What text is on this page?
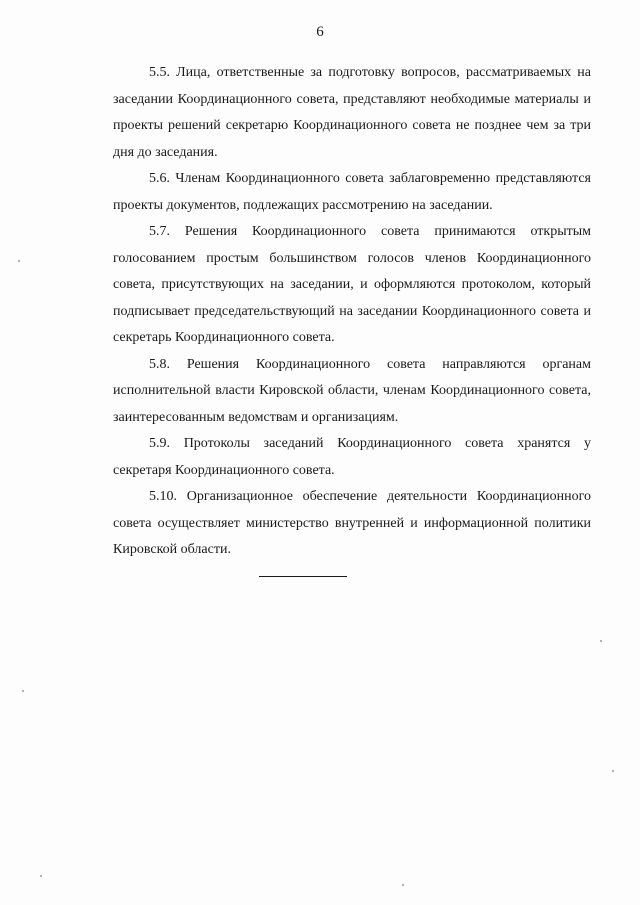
6

5.5. Лица, ответственные за подготовку вопросов, рассматриваемых на заседании Координационного совета, представляют необходимые материалы и проекты решений секретарю Координационного совета не позднее чем за три дня до заседания.

5.6. Членам Координационного совета заблаговременно представляются проекты документов, подлежащих рассмотрению на заседании.

5.7. Решения Координационного совета принимаются открытым голосованием простым большинством голосов членов Координационного совета, присутствующих на заседании, и оформляются протоколом, который подписывает председательствующий на заседании Координационного совета и секретарь Координационного совета.

5.8. Решения Координационного совета направляются органам исполнительной власти Кировской области, членам Координационного совета, заинтересованным ведомствам и организациям.

5.9. Протоколы заседаний Координационного совета хранятся у секретаря Координационного совета.

5.10. Организационное обеспечение деятельности Координационного совета осуществляет министерство внутренней и информационной политики Кировской области.
